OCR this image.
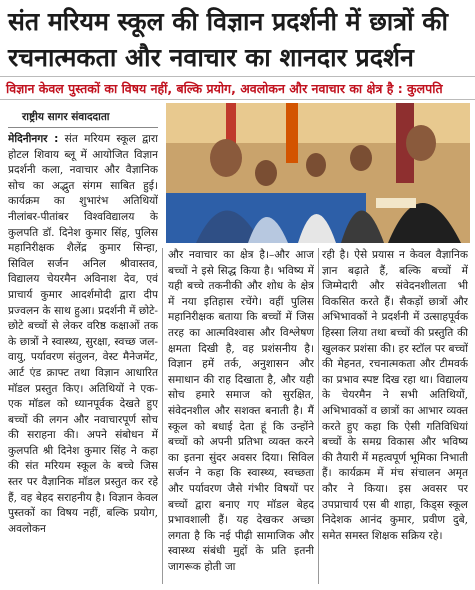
संत मरियम स्कूल की विज्ञान प्रदर्शनी में छात्रों की
रचनात्मकता और नवाचार का शानदार प्रदर्शन
विज्ञान केवल पुस्तकों का विषय नहीं, बल्कि प्रयोग, अवलोकन और नवाचार का क्षेत्र है : कुलपति
राष्ट्रीय सागर संवाददाता

मेदिनीनगर : संत मरियम स्कूल द्वारा होटल शिवाय ब्लू में आयोजित विज्ञान प्रदर्शनी कला, नवाचार और वैज्ञानिक सोच का अद्भुत संगम साबित हुई। कार्यक्रम का शुभारंभ अतिथियों नीलांबर-पीतांबर विश्वविद्यालय के कुलपति डॉ. दिनेश कुमार सिंह, पुलिस महानिरीक्षक शैलेंद्र कुमार सिन्हा, सिविल सर्जन अनिल श्रीवास्तव, विद्यालय चेयरमैन अविनाश देव, एवं प्राचार्य कुमार आदर्शमोदी द्वारा दीप प्रज्वलन के साथ हुआ। प्रदर्शनी में छोटे-छोटे बच्चों से लेकर वरिष्ठ कक्षाओं तक के छात्रों ने स्वास्थ्य, सुरक्षा, स्वच्छ जल-वायु, पर्यावरण संतुलन, वेस्ट मैनेजमेंट, आर्ट एंड क्राफ्ट तथा विज्ञान आधारित मॉडल प्रस्तुत किए। अतिथियों ने एक-एक मॉडल को ध्यानपूर्वक देखते हुए बच्चों की लगन और नवाचारपूर्ण सोच की सराहना की। अपने संबोधन में कुलपति श्री दिनेश कुमार सिंह ने कहा की संत मरियम स्कूल के बच्चे जिस स्तर पर वैज्ञानिक मॉडल प्रस्तुत कर रहे हैं, वह बेहद सराहनीय है। विज्ञान केवल पुस्तकों का विषय नहीं, बल्कि प्रयोग, अवलोकन

और नवाचार का क्षेत्र है।–और आज बच्चों ने इसे सिद्ध किया है। भविष्य में यही बच्चे तकनीकी और शोध के क्षेत्र में नया इतिहास रचेंगे। वहीं पुलिस महानिरीक्षक बताया कि बच्चों में जिस तरह का आत्मविश्वास और विश्लेषण क्षमता दिखी है, वह प्रशंसनीय है। विज्ञान हमें तर्क, अनुशासन और समाधान की राह दिखाता है, और यही सोच हमारे समाज को सुरक्षित, संवेदनशील और सशक्त बनाती है। मैं स्कूल को बधाई देता हूं कि उन्होंने बच्चों को अपनी प्रतिभा व्यक्त करने का इतना सुंदर अवसर दिया। सिविल सर्जन ने कहा कि स्वास्थ्य, स्वच्छता और पर्यावरण जैसे गंभीर विषयों पर बच्चों द्वारा बनाए गए मॉडल बेहद प्रभावशाली हैं। यह देखकर अच्छा लगता है कि नई पीढ़ी सामाजिक और स्वास्थ्य संबंधी मुद्दों के प्रति इतनी जागरूक होती जा

रही है। ऐसे प्रयास न केवल वैज्ञानिक ज्ञान बढ़ाते हैं, बल्कि बच्चों में जिम्मेदारी और संवेदनशीलता भी विकसित करते हैं। सैकड़ों छात्रों और अभिभावकों ने प्रदर्शनी में उत्साहपूर्वक हिस्सा लिया तथा बच्चों की प्रस्तुति की खुलकर प्रशंसा की। हर स्टॉल पर बच्चों की मेहनत, रचनात्मकता और टीमवर्क का प्रभाव स्पष्ट दिख रहा था। विद्यालय के चेयरमैन ने सभी अतिथियों, अभिभावकों व छात्रों का आभार व्यक्त करते हुए कहा कि ऐसी गतिविधियां बच्चों के समग्र विकास और भविष्य की तैयारी में महत्वपूर्ण भूमिका निभाती हैं। कार्यक्रम में मंच संचालन अमृत कौर ने किया। इस अवसर पर उपप्राचार्य एस बी शाहा, किड्स स्कूल निदेशक आनंद कुमार, प्रवीण दुबे, समेत समस्त शिक्षक सक्रिय रहे।
